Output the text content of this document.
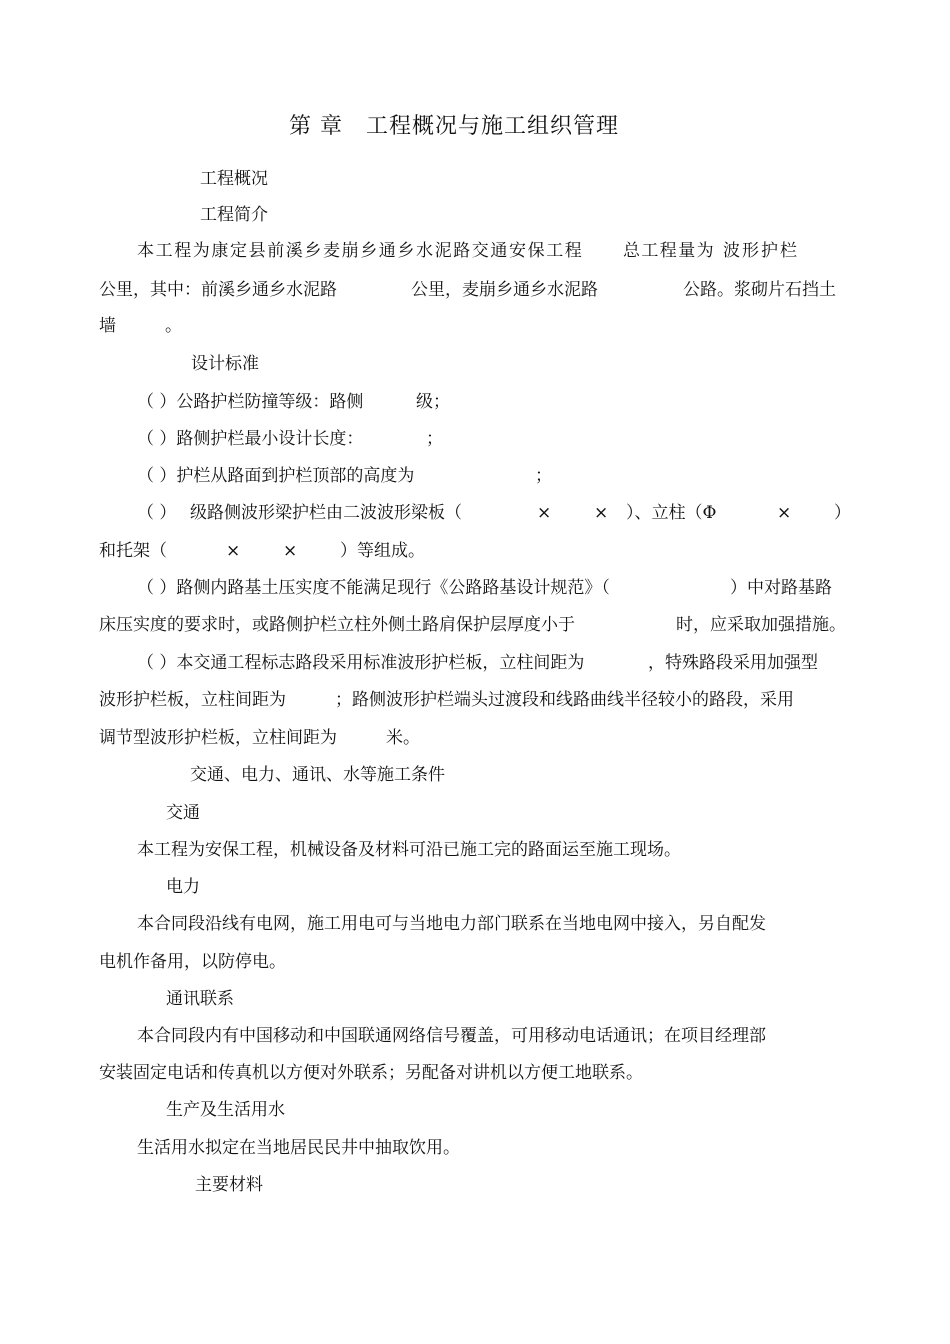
第 章 工程概况与施工组织管理
工程概况
工程简介
本工程为康定县前溪乡麦崩乡通乡水泥路交通安保工程 总工程量为 波形护栏
公里，其中：前溪乡通乡水泥路	公里，麦崩乡通乡水泥路	公路。浆砌片石挡土
墙	。
设计标准
（ ）公路护栏防撞等级：路侧	级；
（ ）路侧护栏最小设计长度：	；
（ ）护栏从路面到护栏顶部的高度为	；
（ ） 级路侧波形梁护栏由二波波形梁板（	×	× ）、立柱（Φ	×	）
和托架（	×	×	）等组成。
（ ）路侧内路基土压实度不能满足现行《公路路基设计规范》（	）中对路基路
床压实度的要求时，或路侧护栏立柱外侧土路肩保护层厚度小于	时，应采取加强措施。
（ ）本交通工程标志路段采用标准波形护栏板，立柱间距为	，特殊路段采用加强型
波形护栏板，立柱间距为	；路侧波形护栏端头过渡段和线路曲线半径较小的路段，采用
调节型波形护栏板，立柱间距为	米。
交通、电力、通讯、水等施工条件
交通
本工程为安保工程，机械设备及材料可沿已施工完的路面运至施工现场。
电力
本合同段沿线有电网，施工用电可与当地电力部门联系在当地电网中接入，另自配发
电机作备用，以防停电。
通讯联系
本合同段内有中国移动和中国联通网络信号覆盖，可用移动电话通讯；在项目经理部
安装固定电话和传真机以方便对外联系；另配备对讲机以方便工地联系。
生产及生活用水
生活用水拟定在当地居民民井中抽取饮用。
主要材料
